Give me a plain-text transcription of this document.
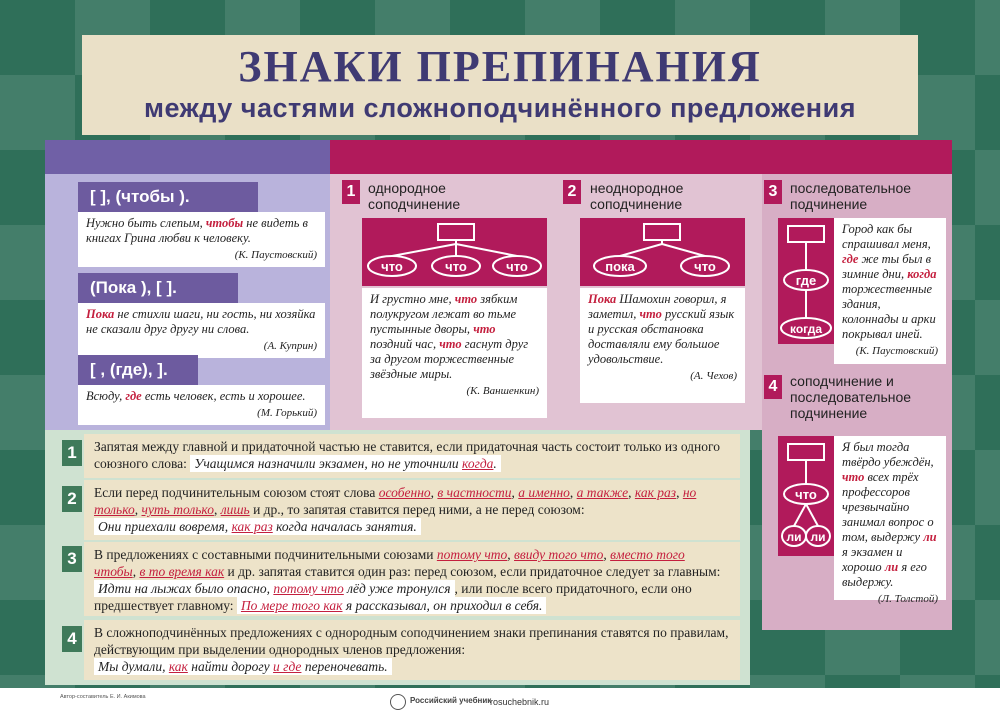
ЗНАКИ ПРЕПИНАНИЯ
между частями сложноподчинённого предложения
[ ], (чтобы ).
Нужно быть слепым, чтобы не видеть в книгах Грина любви к человеку.
(К. Паустовский)
(Пока ), [ ].
Пока не стихли шаги, ни гость, ни хозяйка не сказали друг другу ни слова.
(А. Куприн)
[ , (где), ].
Всюду, где есть человек, есть и хорошее.
(М. Горький)
1 однородное соподчинение
что	что	что
И грустно мне, что зябким полукругом лежат во тьме пустынные дворы, что поздний час, что гаснут друг за другом торжественные звёздные миры.
(К. Ваншенкин)
2 неоднородное соподчинение
пока	что
Пока Шамохин говорил, я заметил, что русский язык и русская обстановка доставляли ему большое удовольствие.
(А. Чехов)
3 последовательное подчинение
где
когда
Город как бы спрашивал меня, где же ты был в зимние дни, когда торжественные здания, колоннады и арки покрывал иней.
(К. Паустовский)
4 соподчинение и последовательное подчинение
что
ли ли
Я был тогда твёрдо убеждён, что всех трёх профессоров чрезвычайно занимал вопрос о том, выдержу ли я экзамен и хорошо ли я его выдержу.
(Л. Толстой)
1	Запятая между главной и придаточной частью не ставится, если придаточная часть состоит только из одного союзного слова: Учащимся назначили экзамен, но не уточнили когда.
2	Если перед подчинительным союзом стоят слова особенно, в частности, а именно, а также, как раз, но только, чуть только, лишь и др., то запятая ставится перед ними, а не перед союзом: Они приехали вовремя, как раз когда началась занятия.
3	В предложениях с составными подчинительными союзами потому что, ввиду того что, вместо того чтобы, в то время как и др. запятая ставится один раз: перед союзом, если придаточное следует за главным: Идти на лыжах было опасно, потому что лёд уже тронулся , или после всего придаточного, если оно предшествует главному: По мере того как я рассказывал, он приходил в себя.
4	В сложноподчинённых предложениях с однородным соподчинением знаки препинания ставятся по правилам, действующим при выделении однородных членов предложения: Мы думали, как найти дорогу и где переночевать.
Автор-составитель Е. И. Акимова	Российский учебник
rosuchebnik.ru
